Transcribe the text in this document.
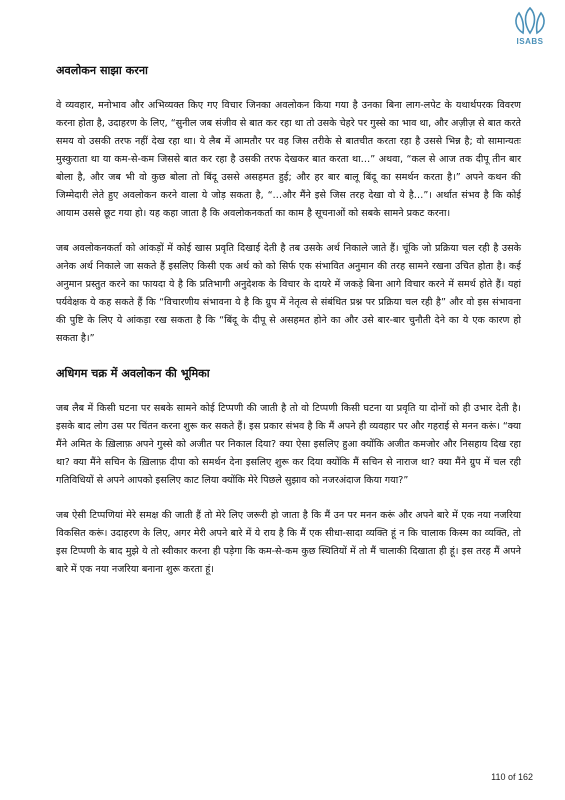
ISABS
अवलोकन साझा करना

वे व्यवहार, मनोभाव और अभिव्यक्त किए गए विचार जिनका अवलोकन किया गया है उनका बिना लाग-लपेट के यथार्थपरक विवरण करना होता है, उदाहरण के लिए, “सुनील जब संजीव से बात कर रहा था तो उसके चेहरे पर गुस्से का भाव था, और अज़ीज़ से बात करते समय वो उसकी तरफ नहीं देख रहा था। ये लैब में आमतौर पर वह जिस तरीके से बातचीत करता रहा है उससे भिन्न है; वो सामान्यतः मुस्कुराता था या कम-से-कम जिससे बात कर रहा है उसकी तरफ देखकर बात करता था…” अथवा, “कल से आज तक दीपू तीन बार बोला है, और जब भी वो कुछ बोला तो बिंदू उससे असहमत हुई; और हर बार बालू बिंदू का समर्थन करता है।” अपने कथन की जिम्मेदारी लेते हुए अवलोकन करने वाला ये जोड़ सकता है, “…और मैंने इसे जिस तरह देखा वो ये है…”। अर्थात संभव है कि कोई आयाम उससे छूट गया हो। यह कहा जाता है कि अवलोकनकर्ता का काम है सूचनाओं को सबके सामने प्रकट करना।

जब अवलोकनकर्ता को आंकड़ों में कोई खास प्रवृति दिखाई देती है तब उसके अर्थ निकाले जाते हैं। चूंकि जो प्रक्रिया चल रही है उसके अनेक अर्थ निकाले जा सकते हैं इसलिए किसी एक अर्थ को को सिर्फ एक संभावित अनुमान की तरह सामने रखना उचित होता है। कई अनुमान प्रस्तुत करने का फायदा ये है कि प्रतिभागी अनुदेशक के विचार के दायरे में जकड़े बिना आगे विचार करने में समर्थ होते हैं। यहां पर्यवेक्षक ये कह सकते हैं कि “विचारणीय संभावना ये है कि ग्रुप में नेतृत्व से संबंधित प्रश्न पर प्रक्रिया चल रही है” और वो इस संभावना की पुष्टि के लिए ये आंकड़ा रख सकता है कि “बिंदू के दीपू से असहमत होने का और उसे बार-बार चुनौती देने का ये एक कारण हो सकता है।”

अधिगम चक्र में अवलोकन की भूमिका

जब लैब में किसी घटना पर सबके सामने कोई टिप्पणी की जाती है तो वो टिप्पणी किसी घटना या प्रवृति या दोनों को ही उभार देती है। इसके बाद लोग उस पर चिंतन करना शुरू कर सकते हैं। इस प्रकार संभव है कि मैं अपने ही व्यवहार पर और गहराई से मनन करूं। “क्या मैंने अमित के ख़िलाफ़ अपने गुस्से को अजीत पर निकाल दिया? क्या ऐसा इसलिए हुआ क्योंकि अजीत कमजोर और निसहाय दिख रहा था? क्या मैंने सचिन के ख़िलाफ़ दीपा को समर्थन देना इसलिए शुरू कर दिया क्योंकि मैं सचिन से नाराज था? क्या मैंने ग्रुप में चल रही गतिविधियों से अपने आपको इसलिए काट लिया क्योंकि मेरे पिछले सुझाव को नजरअंदाज किया गया?”

जब ऐसी टिप्पणियां मेरे समक्ष की जाती हैं तो मेरे लिए जरूरी हो जाता है कि मैं उन पर मनन करूं और अपने बारे में एक नया नजरिया विकसित करूं। उदाहरण के लिए, अगर मेरी अपने बारे में ये राय है कि मैं एक सीधा-सादा व्यक्ति हूं न कि चालाक किस्म का व्यक्ति, तो इस टिप्पणी के बाद मुझे ये तो स्वीकार करना ही पड़ेगा कि कम-से-कम कुछ स्थितियों में तो मैं चालाकी दिखाता ही हूं। इस तरह मैं अपने बारे में एक नया नजरिया बनाना शुरू करता हूं।

110 of 162
